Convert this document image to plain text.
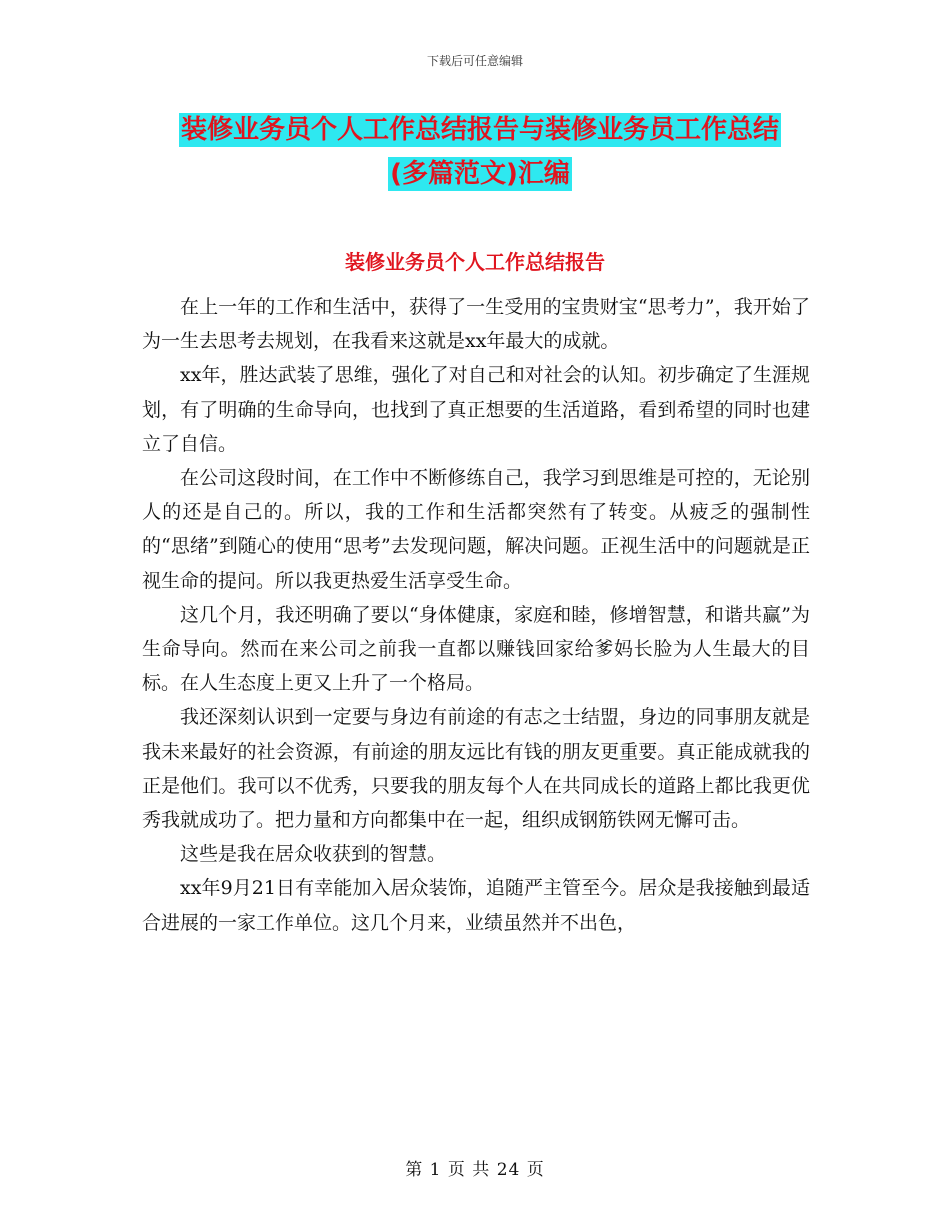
下载后可任意编辑
装修业务员个人工作总结报告与装修业务员工作总结
(多篇范文)汇编
装修业务员个人工作总结报告

在上一年的工作和生活中，获得了一生受用的宝贵财宝“思考力”，我开始了为一生去思考去规划，在我看来这就是xx年最大的成就。

xx年，胜达武装了思维，强化了对自己和对社会的认知。初步确定了生涯规划，有了明确的生命导向，也找到了真正想要的生活道路，看到希望的同时也建立了自信。

在公司这段时间，在工作中不断修练自己，我学习到思维是可控的，无论别人的还是自己的。所以，我的工作和生活都突然有了转变。从疲乏的强制性的“思绪”到随心的使用“思考”去发现问题，解决问题。正视生活中的问题就是正视生命的提问。所以我更热爱生活享受生命。

这几个月，我还明确了要以“身体健康，家庭和睦，修增智慧，和谐共赢”为生命导向。然而在来公司之前我一直都以赚钱回家给爹妈长脸为人生最大的目标。在人生态度上更又上升了一个格局。

我还深刻认识到一定要与身边有前途的有志之士结盟，身边的同事朋友就是我未来最好的社会资源，有前途的朋友远比有钱的朋友更重要。真正能成就我的正是他们。我可以不优秀，只要我的朋友每个人在共同成长的道路上都比我更优秀我就成功了。把力量和方向都集中在一起，组织成钢筋铁网无懈可击。

这些是我在居众收获到的智慧。

xx年9月21日有幸能加入居众装饰，追随严主管至今。居众是我接触到最适合进展的一家工作单位。这几个月来，业绩虽然并不出色，

第 1 页 共 24 页
